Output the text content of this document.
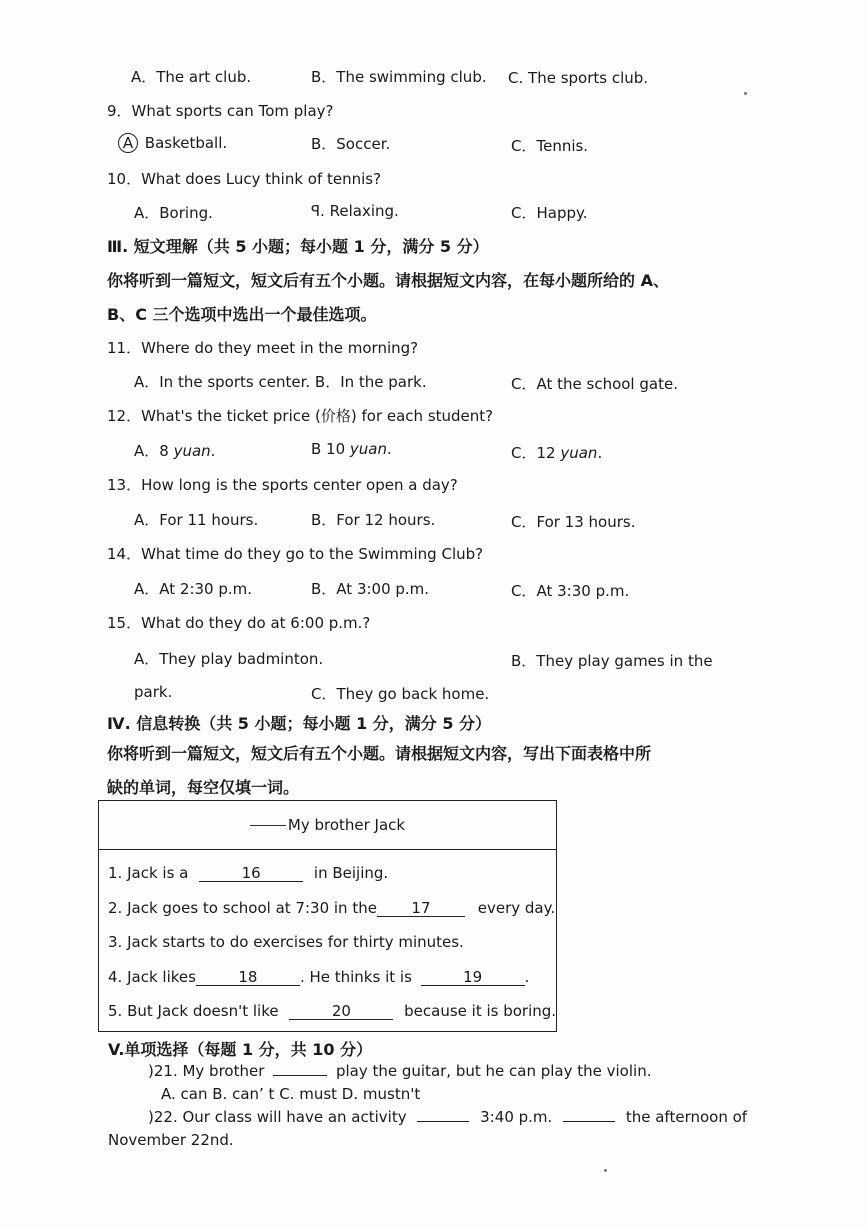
A．The art club.	B．The swimming club. Ⅽ. The sports club.
9．What sports can Tom play?
A Basketball.	B．Soccer.	C．Tennis.
10．What does Lucy think of tennis?
A．Boring.	ꟼ. Relaxing.	C．Happy.
Ⅲ. 短文理解（共 5 小题；每小题 1 分，满分 5 分）
你将听到一篇短文，短文后有五个小题。请根据短文内容，在每小题所给的 A、
B、C 三个选项中选出一个最佳选项。
11．Where do they meet in the morning?
A．In the sports center. B．In the park.	C．At the school gate.
12．What's the ticket price (价格) for each student?
A．8 yuan.	B 10 yuan.	C．12 yuan.
13．How long is the sports center open a day?
A．For 11 hours.	B．For 12 hours.	C．For 13 hours.
14．What time do they go to the Swimming Club?
A．At 2:30 p.m.	B．At 3:00 p.m.	C．At 3:30 p.m.
15．What do they do at 6:00 p.m.?
A．They play badminton.	B．They play games in the
park.	C．They go back home.
Ⅳ. 信息转换（共 5 小题；每小题 1 分，满分 5 分）
你将听到一篇短文，短文后有五个小题。请根据短文内容，写出下面表格中所
缺的单词，每空仅填一词。
My brother Jack
1. Jack is a	16	in Beijing.
2. Jack goes to school at 7:30 in the 17	every day.
3. Jack starts to do exercises for thirty minutes.
4. Jack likes	18	. He thinks it is	19	.
5. But Jack doesn't like	20	because it is boring.
V.单项选择（每题 1 分，共 10 分）
)21. My brother	play the guitar, but he can play the violin.
A. can B. can’ t C. must D. mustn't
)22. Our class will have an activity	3:40 p.m.	the afternoon of
November 22nd.
